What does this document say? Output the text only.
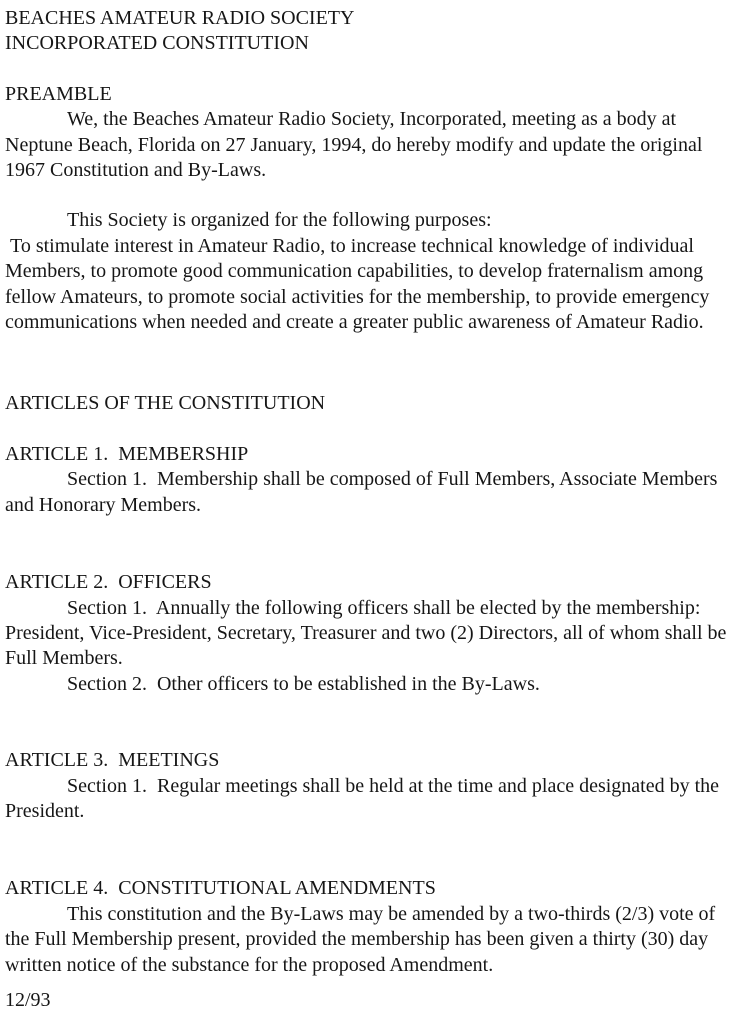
BEACHES AMATEUR RADIO SOCIETY
INCORPORATED CONSTITUTION
PREAMBLE
We, the Beaches Amateur Radio Society, Incorporated, meeting as a body at Neptune Beach, Florida on 27 January, 1994, do hereby modify and update the original 1967 Constitution and By-Laws.
This Society is organized for the following purposes:
To stimulate interest in Amateur Radio, to increase technical knowledge of individual Members, to promote good communication capabilities, to develop fraternalism among fellow Amateurs, to promote social activities for the membership, to provide emergency communications when needed and create a greater public awareness of Amateur Radio.
ARTICLES OF THE CONSTITUTION
ARTICLE 1.  MEMBERSHIP
Section 1.  Membership shall be composed of Full Members, Associate Members and Honorary Members.
ARTICLE 2.  OFFICERS
Section 1.  Annually the following officers shall be elected by the membership: President, Vice-President, Secretary, Treasurer and two (2) Directors, all of whom shall be Full Members.
Section 2.  Other officers to be established in the By-Laws.
ARTICLE 3.  MEETINGS
Section 1.  Regular meetings shall be held at the time and place designated by the President.
ARTICLE 4.  CONSTITUTIONAL AMENDMENTS
This constitution and the By-Laws may be amended by a two-thirds (2/3) vote of the Full Membership present, provided the membership has been given a thirty (30) day written notice of the substance for the proposed Amendment.
12/93
